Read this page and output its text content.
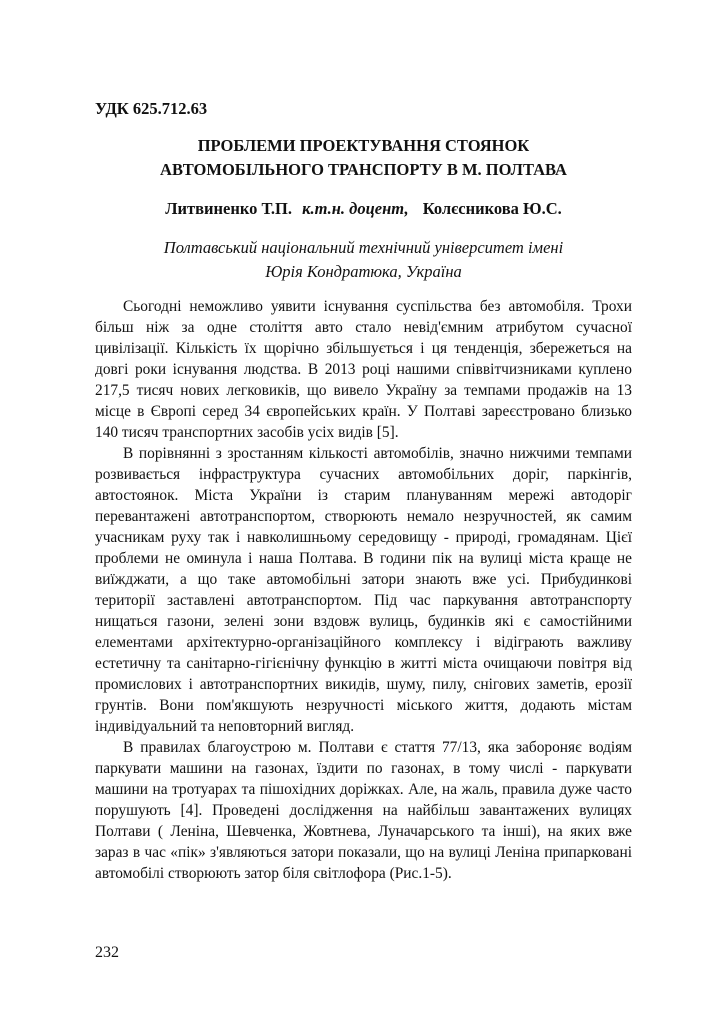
УДК 625.712.63
ПРОБЛЕМИ ПРОЕКТУВАННЯ СТОЯНОК
АВТОМОБІЛЬНОГО ТРАНСПОРТУ В М. ПОЛТАВА
Литвиненко Т.П. к.т.н. доцент, Колєсникова Ю.С.
Полтавський національний технічний університет імені
Юрія Кондратюка, Україна

Сьогодні неможливо уявити існування суспільства без автомобіля. Трохи більш ніж за одне століття авто стало невід'ємним атрибутом сучасної цивілізації. Кількість їх щорічно збільшується і ця тенденція, збережеться на довгі роки існування людства. В 2013 році нашими співвітчизниками куплено 217,5 тисяч нових легковиків, що вивело Україну за темпами продажів на 13 місце в Європі серед 34 європейських країн. У Полтаві зареєстровано близько 140 тисяч транспортних засобів усіх видів [5].

В порівнянні з зростанням кількості автомобілів, значно нижчими темпами розвивається інфраструктура сучасних автомобільних доріг, паркінгів, автостоянок. Міста України із старим плануванням мережі автодоріг перевантажені автотранспортом, створюють немало незручностей, як самим учасникам руху так і навколишньому середовищу - природі, громадянам. Цієї проблеми не оминула і наша Полтава. В години пік на вулиці міста краще не виїжджати, а що таке автомобільні затори знають вже усі. Прибудинкові території заставлені автотранспортом. Під час паркування автотранспорту нищаться газони, зелені зони вздовж вулиць, будинків які є самостійними елементами архітектурно-організаційного комплексу і відіграють важливу естетичну та санітарно-гігієнічну функцію в житті міста очищаючи повітря від промислових і автотранспортних викидів, шуму, пилу, снігових заметів, ерозії грунтів. Вони пом'якшують незручності міського життя, додають містам індивідуальний та неповторний вигляд.

В правилах благоустрою м. Полтави є стаття 77/13, яка забороняє водіям паркувати машини на газонах, їздити по газонах, в тому числі - паркувати машини на тротуарах та пішохідних доріжках. Але, на жаль, правила дуже часто порушують [4]. Проведені дослідження на найбільш завантажених вулицях Полтави ( Леніна, Шевченка, Жовтнева, Луначарського та інші), на яких вже зараз в час «пік» з'являються затори показали, що на вулиці Леніна припарковані автомобілі створюють затор біля світлофора (Рис.1-5).

232
